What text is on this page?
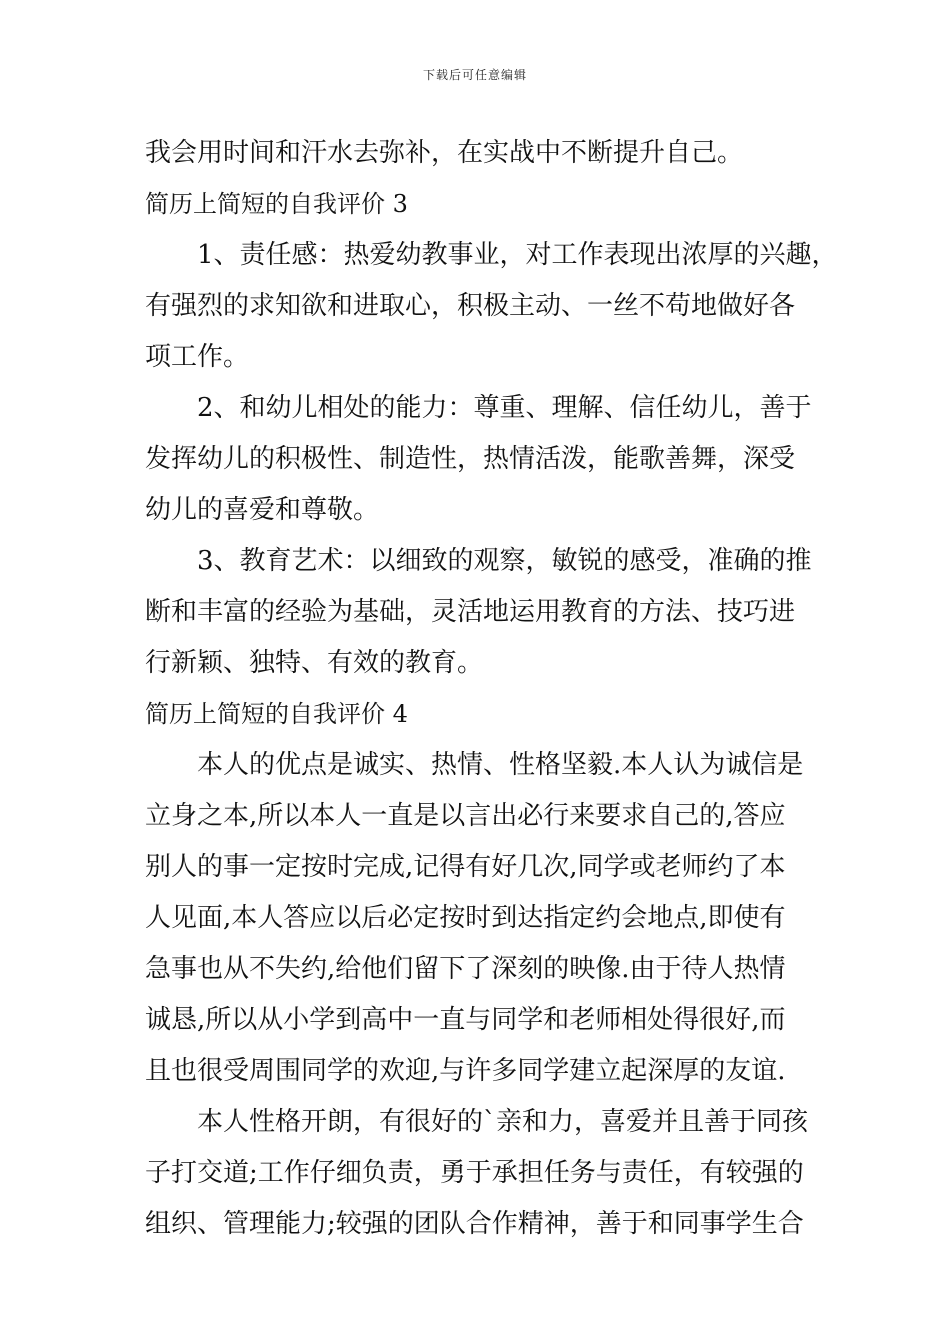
下载后可任意编辑
我会用时间和汗水去弥补，在实战中不断提升自己。
简历上简短的自我评价 3
1、责任感：热爱幼教事业，对工作表现出浓厚的兴趣，
有强烈的求知欲和进取心，积极主动、一丝不苟地做好各
项工作。
2、和幼儿相处的能力：尊重、理解、信任幼儿，善于
发挥幼儿的积极性、制造性，热情活泼，能歌善舞，深受
幼儿的喜爱和尊敬。
3、教育艺术：以细致的观察，敏锐的感受，准确的推
断和丰富的经验为基础，灵活地运用教育的方法、技巧进
行新颖、独特、有效的教育。
简历上简短的自我评价 4
本人的优点是诚实、热情、性格坚毅.本人认为诚信是
立身之本,所以本人一直是以言出必行来要求自己的,答应
别人的事一定按时完成,记得有好几次,同学或老师约了本
人见面,本人答应以后必定按时到达指定约会地点,即使有
急事也从不失约,给他们留下了深刻的映像.由于待人热情
诚恳,所以从小学到高中一直与同学和老师相处得很好,而
且也很受周围同学的欢迎,与许多同学建立起深厚的友谊.
本人性格开朗，有很好的`亲和力，喜爱并且善于同孩
子打交道;工作仔细负责，勇于承担任务与责任，有较强的
组织、管理能力;较强的团队合作精神，善于和同事学生合
